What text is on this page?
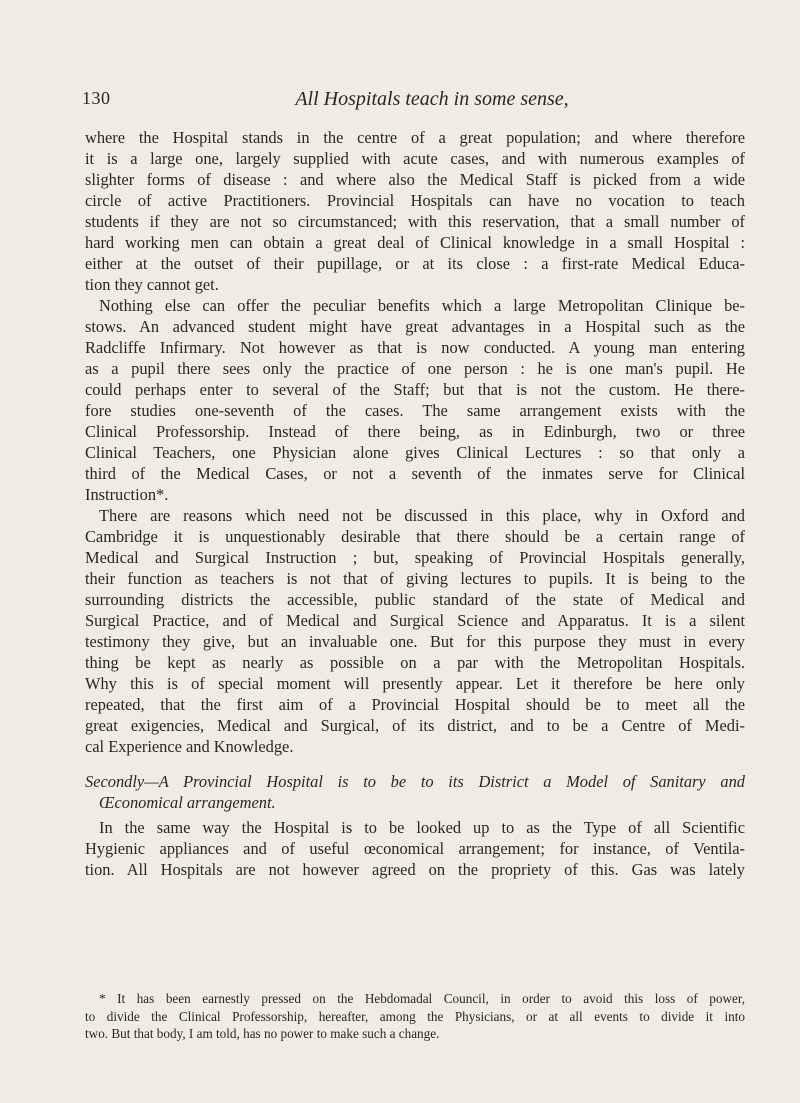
130	All Hospitals teach in some sense,
where the Hospital stands in the centre of a great population; and where therefore
it is a large one, largely supplied with acute cases, and with numerous examples of
slighter forms of disease : and where also the Medical Staff is picked from a wide
circle of active Practitioners. Provincial Hospitals can have no vocation to teach
students if they are not so circumstanced; with this reservation, that a small number of
hard working men can obtain a great deal of Clinical knowledge in a small Hospital :
either at the outset of their pupillage, or at its close : a first-rate Medical Educa-
tion they cannot get.
Nothing else can offer the peculiar benefits which a large Metropolitan Clinique be-
stows. An advanced student might have great advantages in a Hospital such as the
Radcliffe Infirmary. Not however as that is now conducted. A young man entering
as a pupil there sees only the practice of one person : he is one man's pupil. He
could perhaps enter to several of the Staff; but that is not the custom. He there-
fore studies one-seventh of the cases. The same arrangement exists with the
Clinical Professorship. Instead of there being, as in Edinburgh, two or three
Clinical Teachers, one Physician alone gives Clinical Lectures : so that only a
third of the Medical Cases, or not a seventh of the inmates serve for Clinical
Instruction*.
There are reasons which need not be discussed in this place, why in Oxford and
Cambridge it is unquestionably desirable that there should be a certain range of
Medical and Surgical Instruction ; but, speaking of Provincial Hospitals generally,
their function as teachers is not that of giving lectures to pupils. It is being to the
surrounding districts the accessible, public standard of the state of Medical and
Surgical Practice, and of Medical and Surgical Science and Apparatus. It is a silent
testimony they give, but an invaluable one. But for this purpose they must in every
thing be kept as nearly as possible on a par with the Metropolitan Hospitals.
Why this is of special moment will presently appear. Let it therefore be here only
repeated, that the first aim of a Provincial Hospital should be to meet all the
great exigencies, Medical and Surgical, of its district, and to be a Centre of Medi-
cal Experience and Knowledge.
Secondly—A Provincial Hospital is to be to its District a Model of Sanitary and
Œconomical arrangement.
In the same way the Hospital is to be looked up to as the Type of all Scientific
Hygienic appliances and of useful œconomical arrangement; for instance, of Ventila-
tion. All Hospitals are not however agreed on the propriety of this. Gas was lately
* It has been earnestly pressed on the Hebdomadal Council, in order to avoid this loss of power,
to divide the Clinical Professorship, hereafter, among the Physicians, or at all events to divide it into
two. But that body, I am told, has no power to make such a change.
